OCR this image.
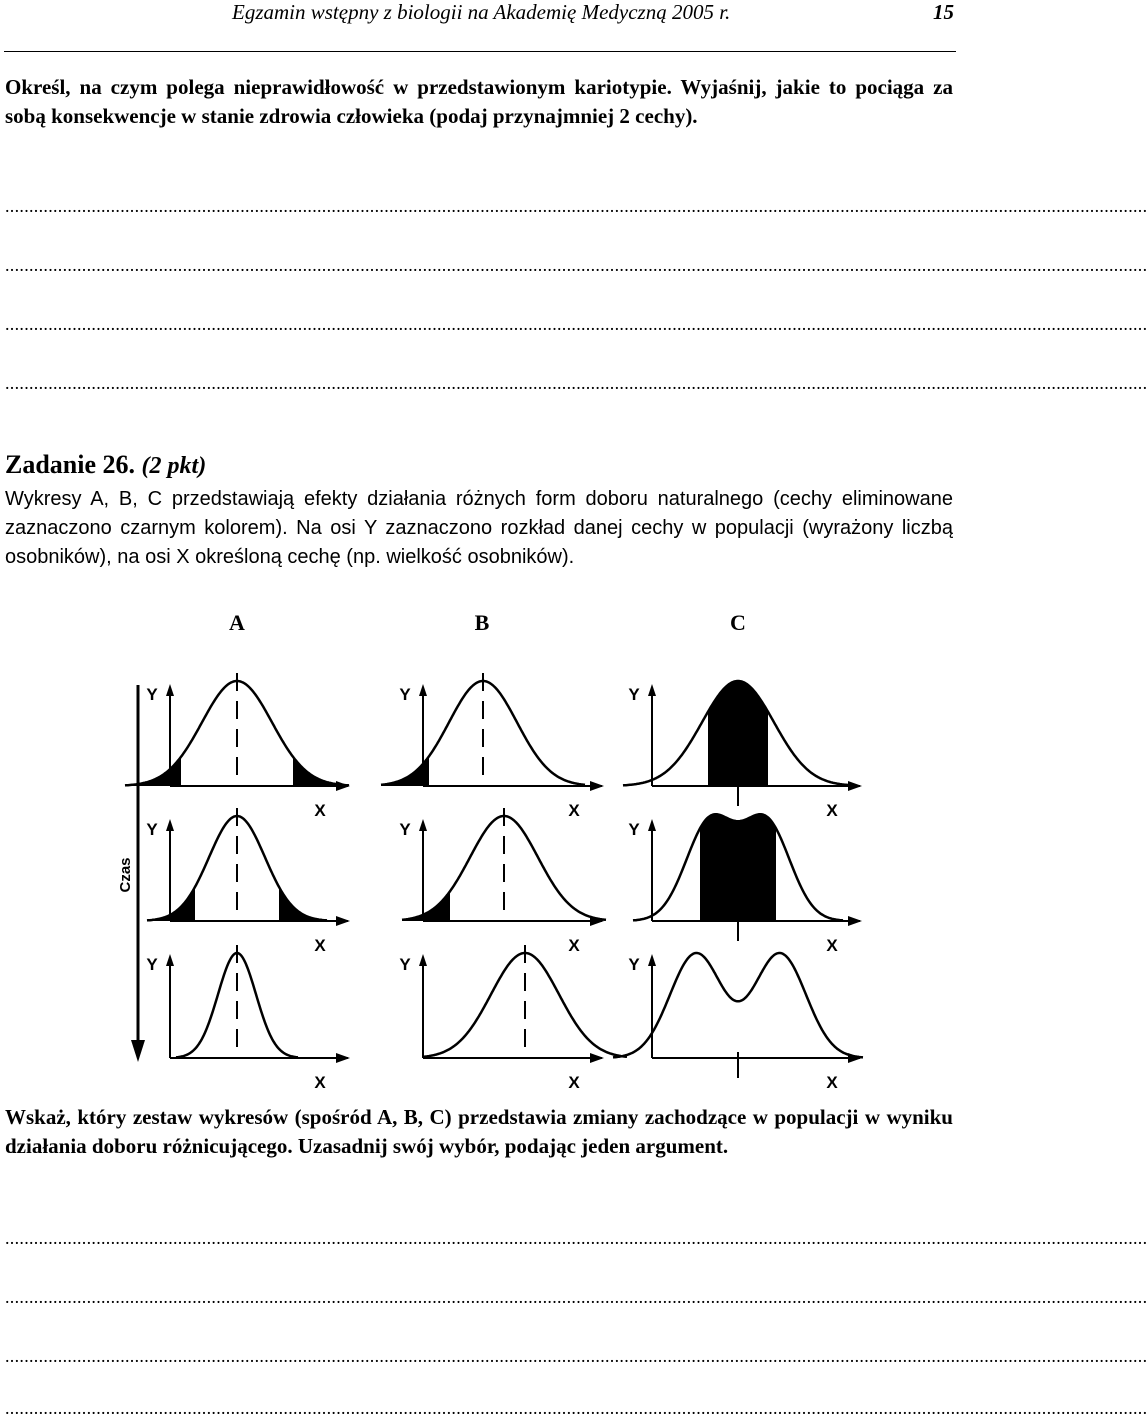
Egzamin wstępny z biologii na Akademię Medyczną 2005 r.	15
Określ, na czym polega nieprawidłowość w przedstawionym kariotypie. Wyjaśnij, jakie to pociąga za sobą konsekwencje w stanie zdrowia człowieka (podaj przynajmniej 2 cechy).
..............................................................................................................................................................................................................................................
..............................................................................................................................................................................................................................................
..............................................................................................................................................................................................................................................
..............................................................................................................................................................................................................................................
Zadanie 26. (2 pkt)
Wykresy A, B, C przedstawiają efekty działania różnych form doboru naturalnego (cechy eliminowane zaznaczono czarnym kolorem). Na osi Y zaznaczono rozkład danej cechy w populacji (wyrażony liczbą osobników), na osi X określoną cechę (np. wielkość osobników).
A	B	C
Czas
Y
X
Y
X
Y
X
Y
X
Y
X
Y
X
Y
X
Y
X
Y
X
Wskaż, który zestaw wykresów (spośród A, B, C) przedstawia zmiany zachodzące w populacji w wyniku działania doboru różnicującego. Uzasadnij swój wybór, podając jeden argument.
..............................................................................................................................................................................................................................................
..............................................................................................................................................................................................................................................
..............................................................................................................................................................................................................................................
..............................................................................................................................................................................................................................................
